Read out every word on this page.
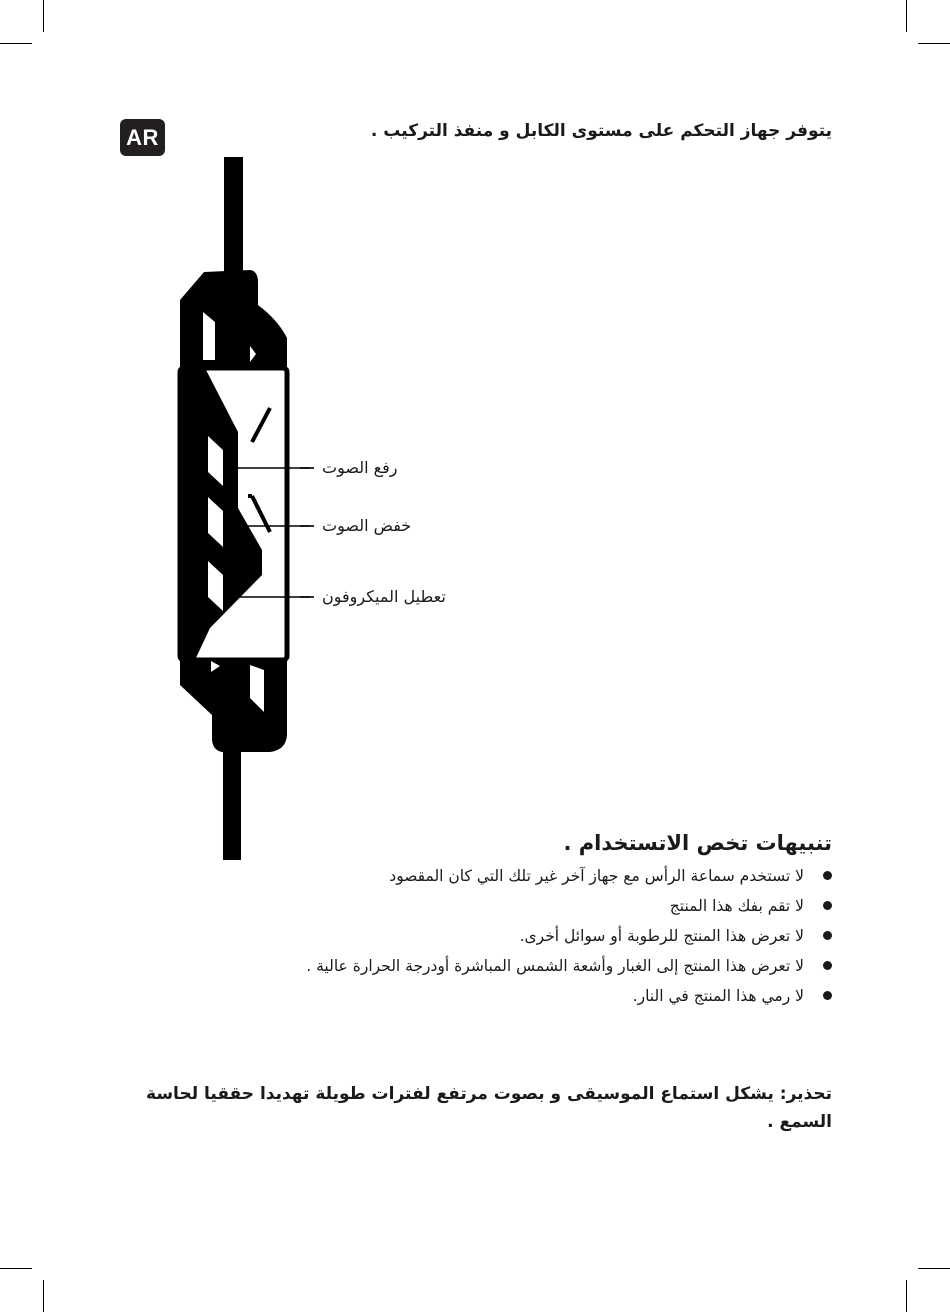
AR	يتوفر جهاز التحكم على مستوى الكابل و منفذ التركيب .
رفع الصوت
خفض الصوت
تعطيل الميكروفون
تنبيهات تخص الاتستخدام .
لا تستخدم سماعة الرأس مع جهاز آخر غير تلك التي كان المقصود
لا تقم بفك هذا المنتج
لا تعرض هذا المنتج للرطوبة أو سوائل أخرى.
لا تعرض هذا المنتج إلى الغبار وأشعة الشمس المباشرة أودرجة الحرارة عالية .
لا رمي هذا المنتج في النار.
تحذير: يشكل استماع الموسيقى و بصوت مرتفع لفترات طويلة تهديدا حققيا لحاسة السمع .
